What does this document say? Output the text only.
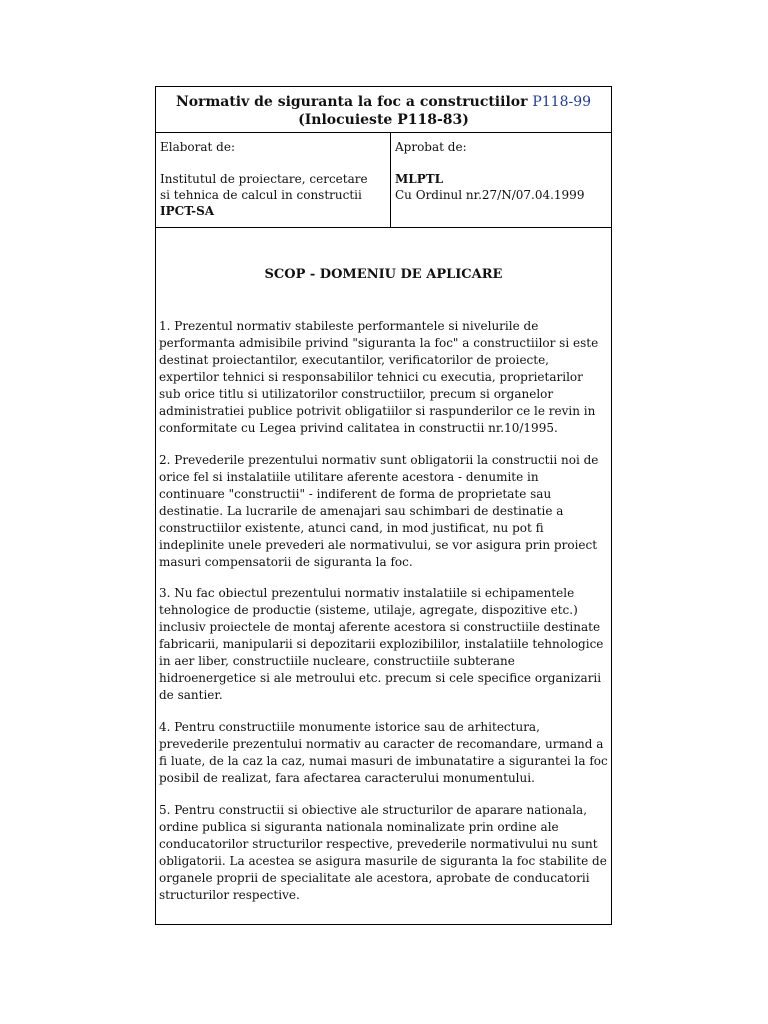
Normativ de siguranta la foc a constructiilor P118-99
(Inlocuieste P118-83)
Elaborat de:
Institutul de proiectare, cercetare
si tehnica de calcul in constructii
IPCT-SA
Aprobat de:
MLPTL
Cu Ordinul nr.27/N/07.04.1999
SCOP - DOMENIU DE APLICARE
1. Prezentul normativ stabileste performantele si nivelurile de performanta admisibile privind "siguranta la foc" a constructiilor si este destinat proiectantilor, executantilor, verificatorilor de proiecte, expertilor tehnici si responsabililor tehnici cu executia, proprietarilor sub orice titlu si utilizatorilor constructiilor, precum si organelor administratiei publice potrivit obligatiilor si raspunderilor ce le revin in conformitate cu Legea privind calitatea in constructii nr.10/1995.
2. Prevederile prezentului normativ sunt obligatorii la constructii noi de orice fel si instalatiile utilitare aferente acestora - denumite in continuare "constructii" - indiferent de forma de proprietate sau destinatie. La lucrarile de amenajari sau schimbari de destinatie a constructiilor existente, atunci cand, in mod justificat, nu pot fi indeplinite unele prevederi ale normativului, se vor asigura prin proiect masuri compensatorii de siguranta la foc.
3. Nu fac obiectul prezentului normativ instalatiile si echipamentele tehnologice de productie (sisteme, utilaje, agregate, dispozitive etc.) inclusiv proiectele de montaj aferente acestora si constructiile destinate fabricarii, manipularii si depozitarii explozibililor, instalatiile tehnologice in aer liber, constructiile nucleare, constructiile subterane hidroenergetice si ale metroului etc. precum si cele specifice organizarii de santier.
4. Pentru constructiile monumente istorice sau de arhitectura, prevederile prezentului normativ au caracter de recomandare, urmand a fi luate, de la caz la caz, numai masuri de imbunatatire a sigurantei la foc posibil de realizat, fara afectarea caracterului monumentului.
5. Pentru constructii si obiective ale structurilor de aparare nationala, ordine publica si siguranta nationala nominalizate prin ordine ale conducatorilor structurilor respective, prevederile normativului nu sunt obligatorii. La acestea se asigura masurile de siguranta la foc stabilite de organele proprii de specialitate ale acestora, aprobate de conducatorii structurilor respective.
